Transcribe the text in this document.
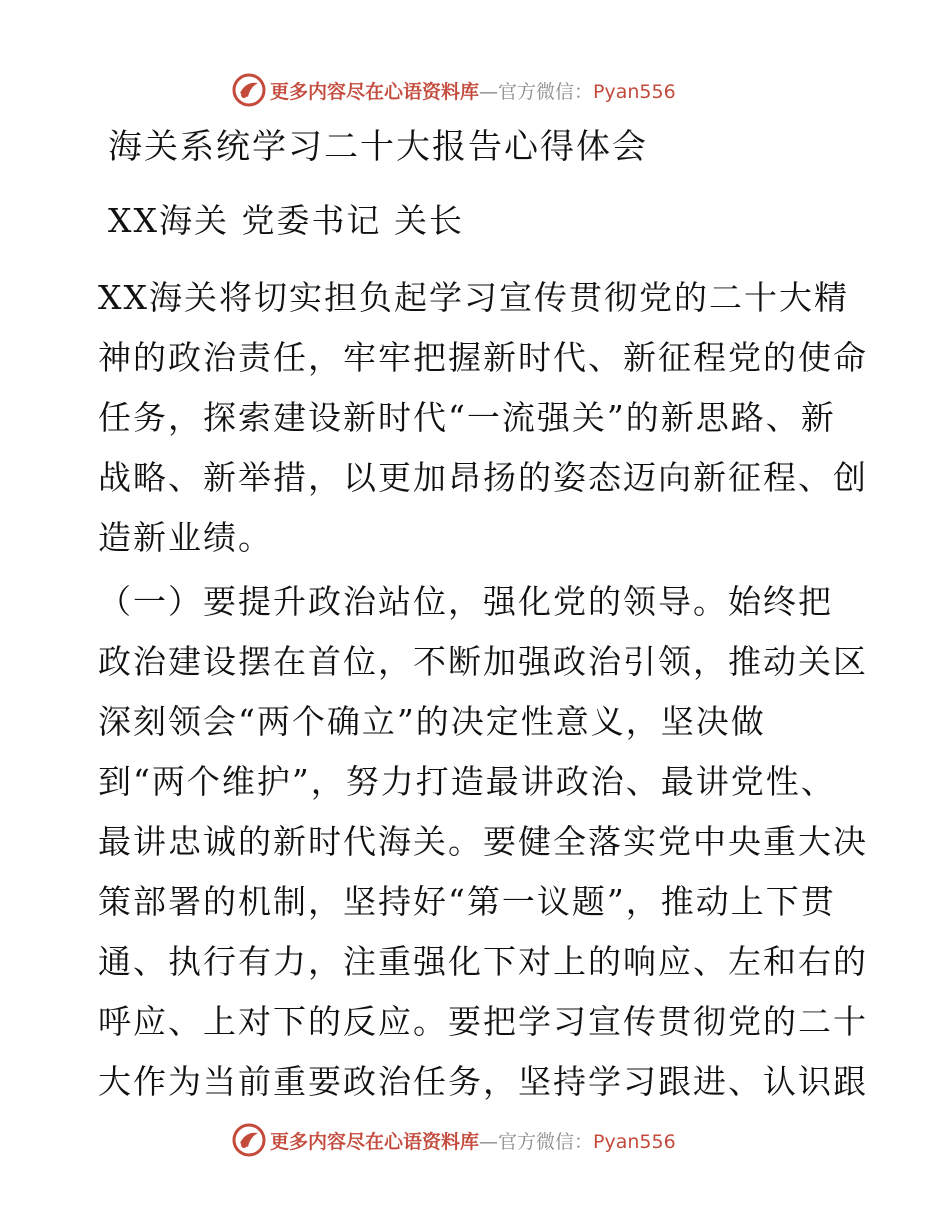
更多内容尽在心语资料库—官方微信：Pyan556
海关系统学习二十大报告心得体会
XX海关 党委书记 关长
XX海关将切实担负起学习宣传贯彻党的二十大精
神的政治责任，牢牢把握新时代、新征程党的使命
任务，探索建设新时代“一流强关”的新思路、新
战略、新举措，以更加昂扬的姿态迈向新征程、创
造新业绩。
（一）要提升政治站位，强化党的领导。始终把
政治建设摆在首位，不断加强政治引领，推动关区
深刻领会“两个确立”的决定性意义，坚决做
到“两个维护”，努力打造最讲政治、最讲党性、
最讲忠诚的新时代海关。要健全落实党中央重大决
策部署的机制，坚持好“第一议题”，推动上下贯
通、执行有力，注重强化下对上的响应、左和右的
呼应、上对下的反应。要把学习宣传贯彻党的二十
大作为当前重要政治任务，坚持学习跟进、认识跟
更多内容尽在心语资料库—官方微信：Pyan556
